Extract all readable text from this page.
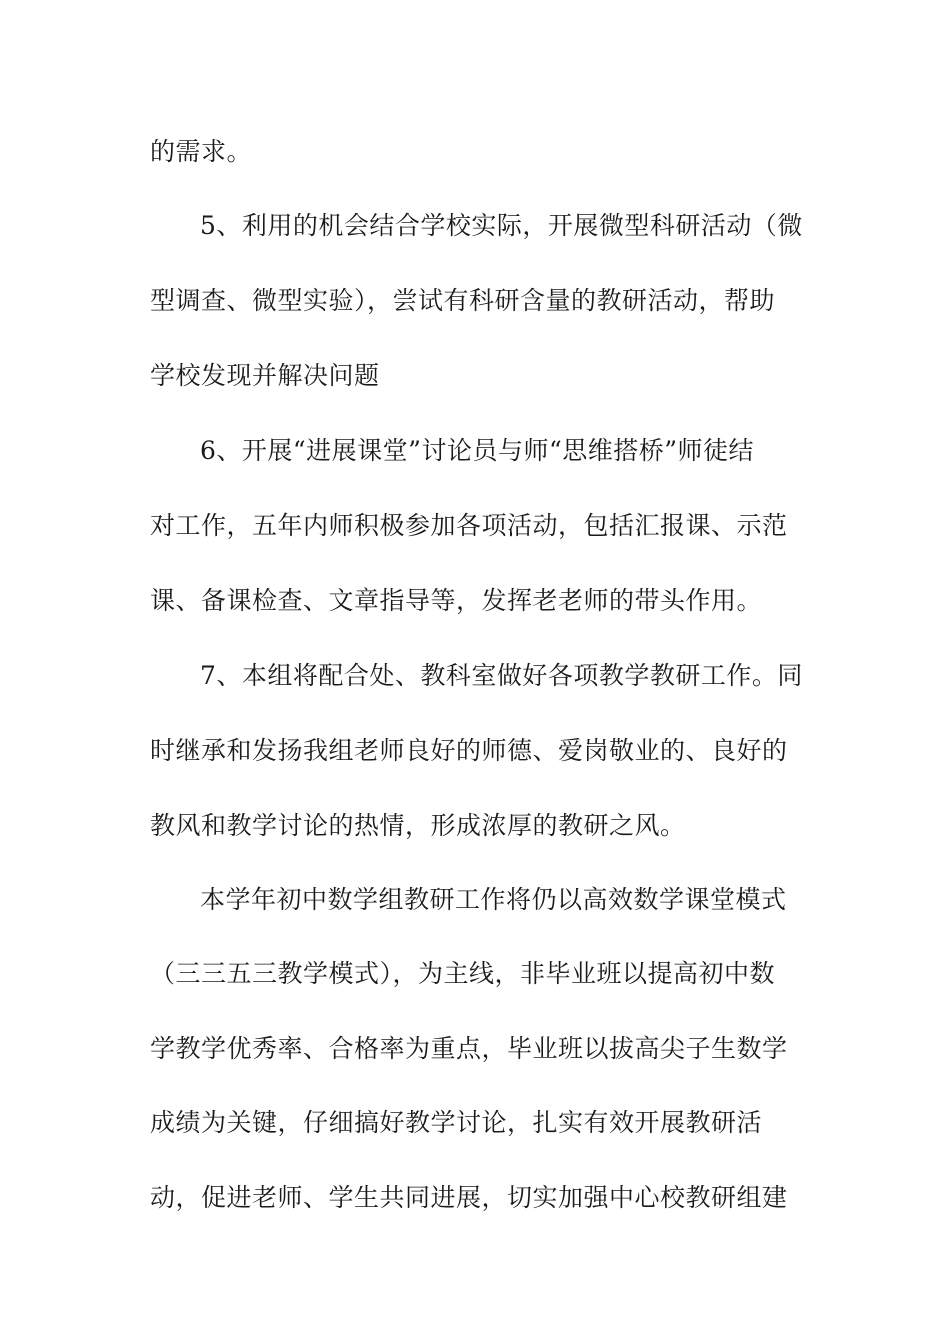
的需求。
5、利用的机会结合学校实际，开展微型科研活动（微
型调查、微型实验），尝试有科研含量的教研活动，帮助
学校发现并解决问题
6、开展“进展课堂”讨论员与师“思维搭桥”师徒结
对工作，五年内师积极参加各项活动，包括汇报课、示范
课、备课检查、文章指导等，发挥老老师的带头作用。
7、本组将配合处、教科室做好各项教学教研工作。同
时继承和发扬我组老师良好的师德、爱岗敬业的、良好的
教风和教学讨论的热情，形成浓厚的教研之风。
本学年初中数学组教研工作将仍以高效数学课堂模式
（三三五三教学模式），为主线，非毕业班以提高初中数
学教学优秀率、合格率为重点，毕业班以拔高尖子生数学
成绩为关键，仔细搞好教学讨论，扎实有效开展教研活
动，促进老师、学生共同进展，切实加强中心校教研组建
